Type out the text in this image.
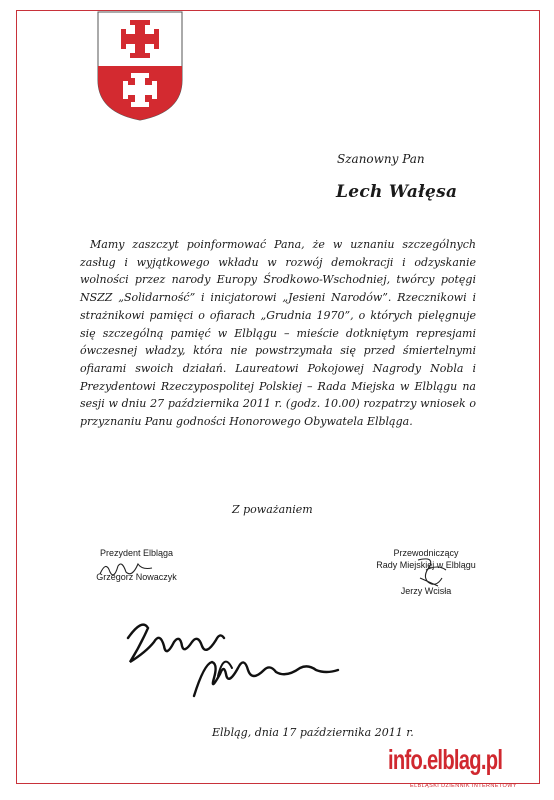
Szanowny Pan
Lech Wałęsa
Mamy zaszczyt poinformować Pana, że w uznaniu szczególnych zasług i wyjątkowego wkładu w rozwój demokracji i odzyskanie wolności przez narody Europy Środkowo-Wschodniej, twórcy potęgi NSZZ „Solidarność” i inicjatorowi „Jesieni Narodów”. Rzecznikowi i strażnikowi pamięci o ofiarach „Grudnia 1970”, o których pielęgnuje się szczególną pamięć w Elblągu – mieście dotkniętym represjami ówczesnej władzy, która nie powstrzymała się przed śmiertelnymi ofiarami swoich działań. Laureatowi Pokojowej Nagrody Nobla i Prezydentowi Rzeczypospolitej Polskiej – Rada Miejska w Elblągu na sesji w dniu 27 października 2011 r. (godz. 10.00) rozpatrzy wniosek o przyznaniu Panu godności Honorowego Obywatela Elbląga.
Z poważaniem
Prezydent Elbląga
Grzegorz Nowaczyk
Przewodniczący
Rady Miejskiej w Elblągu
Jerzy Wcisła
Elbląg, dnia 17 października 2011 r.
info.elblag.pl
ELBLĄSKI DZIENNIK INTERNETOWY
